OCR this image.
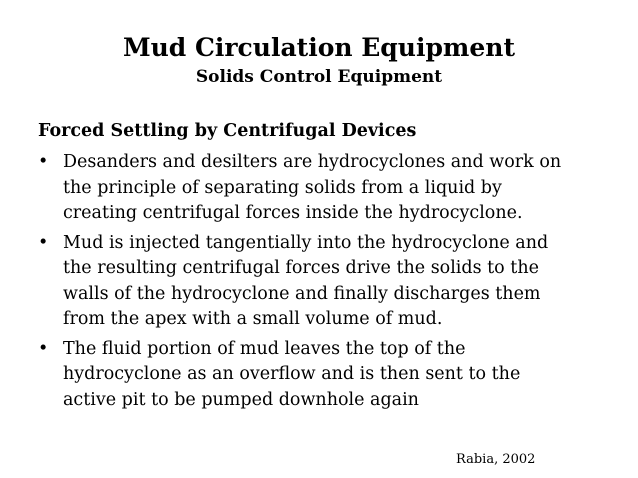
Mud Circulation Equipment
Solids Control Equipment
Forced Settling by Centrifugal Devices
• Desanders and desilters are hydrocyclones and work on
the principle of separating solids from a liquid by
creating centrifugal forces inside the hydrocyclone.
• Mud is injected tangentially into the hydrocyclone and
the resulting centrifugal forces drive the solids to the
walls of the hydrocyclone and finally discharges them
from the apex with a small volume of mud.
• The fluid portion of mud leaves the top of the
hydrocyclone as an overflow and is then sent to the
active pit to be pumped downhole again
Rabia, 2002
